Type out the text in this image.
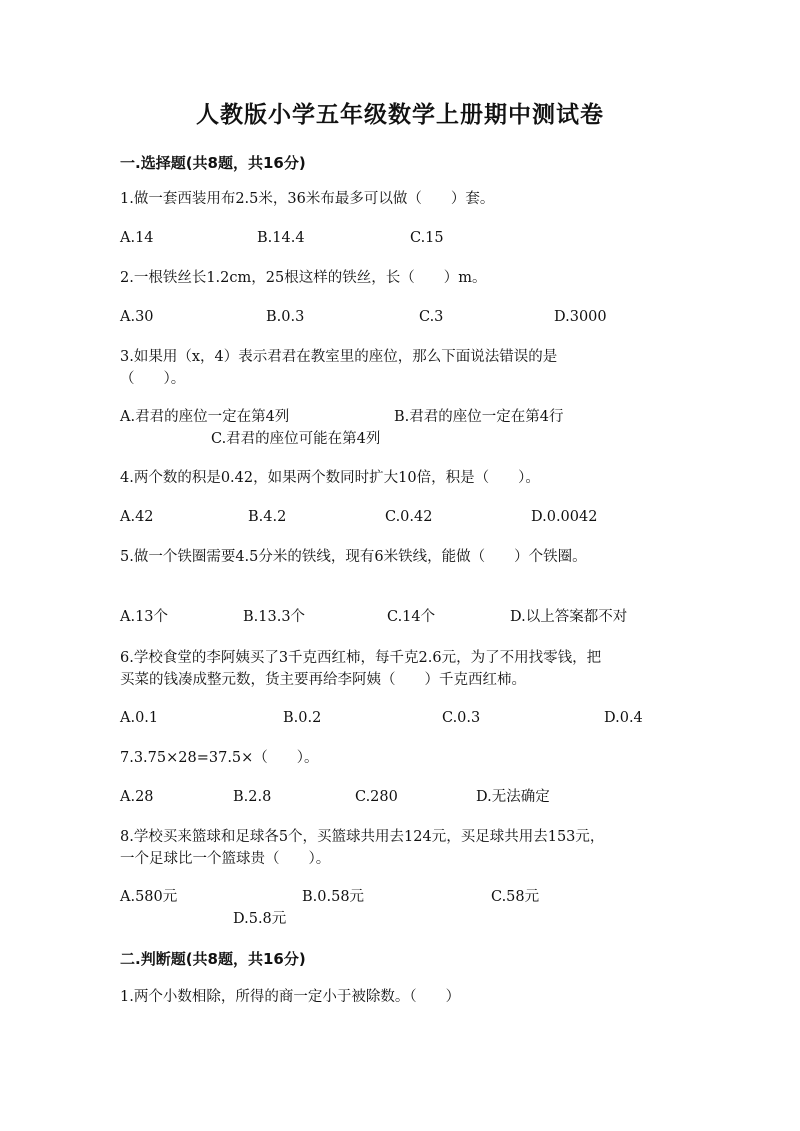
人教版小学五年级数学上册期中测试卷
一.选择题(共8题，共16分)
1.做一套西装用布2.5米，36米布最多可以做（　　）套。
A.14	B.14.4	C.15
2.一根铁丝长1.2cm，25根这样的铁丝，长（　　）m。
A.30	B.0.3	C.3	D.3000
3.如果用（x，4）表示君君在教室里的座位，那么下面说法错误的是
（　　）。
A.君君的座位一定在第4列	B.君君的座位一定在第4行
C.君君的座位可能在第4列
4.两个数的积是0.42，如果两个数同时扩大10倍，积是（　　）。
A.42	B.4.2	C.0.42	D.0.0042
5.做一个铁圈需要4.5分米的铁线，现有6米铁线，能做（　　）个铁圈。
A.13个	B.13.3个	C.14个	D.以上答案都不对
6.学校食堂的李阿姨买了3千克西红柿，每千克2.6元，为了不用找零钱，把
买菜的钱凑成整元数，货主要再给李阿姨（　　）千克西红柿。
A.0.1	B.0.2	C.0.3	D.0.4
7.3.75×28=37.5×（　　）。
A.28	B.2.8	C.280	D.无法确定
8.学校买来篮球和足球各5个，买篮球共用去124元，买足球共用去153元，
一个足球比一个篮球贵（　　）。
A.580元	B.0.58元	C.58元
D.5.8元
二.判断题(共8题，共16分)
1.两个小数相除，所得的商一定小于被除数。（　　）
